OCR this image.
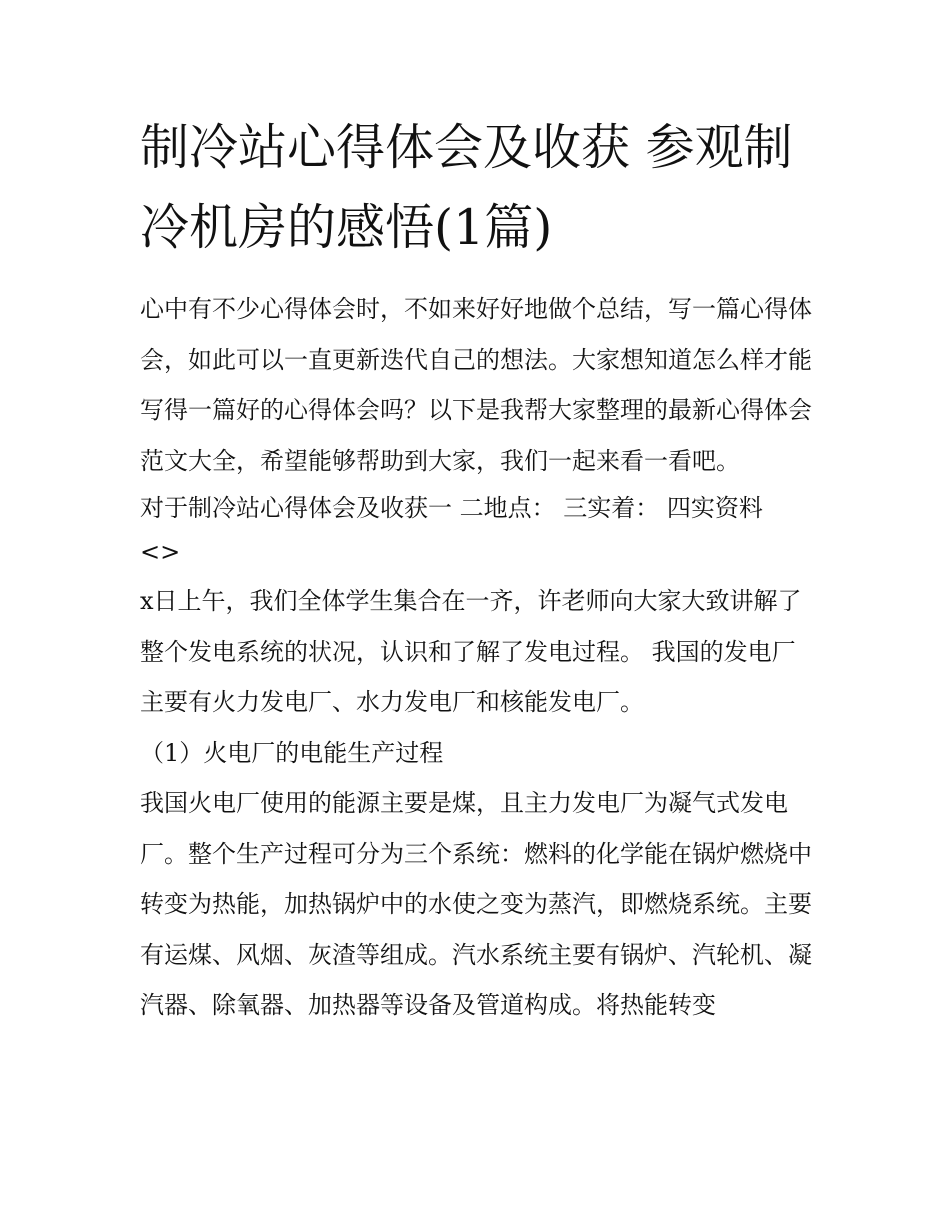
制冷站心得体会及收获 参观制冷机房的感悟(1篇)

心中有不少心得体会时，不如来好好地做个总结，写一篇心得体会，如此可以一直更新迭代自己的想法。大家想知道怎么样才能写得一篇好的心得体会吗？以下是我帮大家整理的最新心得体会范文大全，希望能够帮助到大家，我们一起来看一看吧。

对于制冷站心得体会及收获一 二地点： 三实着： 四实资料

<>

x日上午，我们全体学生集合在一齐，许老师向大家大致讲解了整个发电系统的状况，认识和了解了发电过程。 我国的发电厂主要有火力发电厂、水力发电厂和核能发电厂。

（1）火电厂的电能生产过程

我国火电厂使用的能源主要是煤，且主力发电厂为凝气式发电厂。整个生产过程可分为三个系统：燃料的化学能在锅炉燃烧中转变为热能，加热锅炉中的水使之变为蒸汽，即燃烧系统。主要有运煤、风烟、灰渣等组成。汽水系统主要有锅炉、汽轮机、凝汽器、除氧器、加热器等设备及管道构成。将热能转变
